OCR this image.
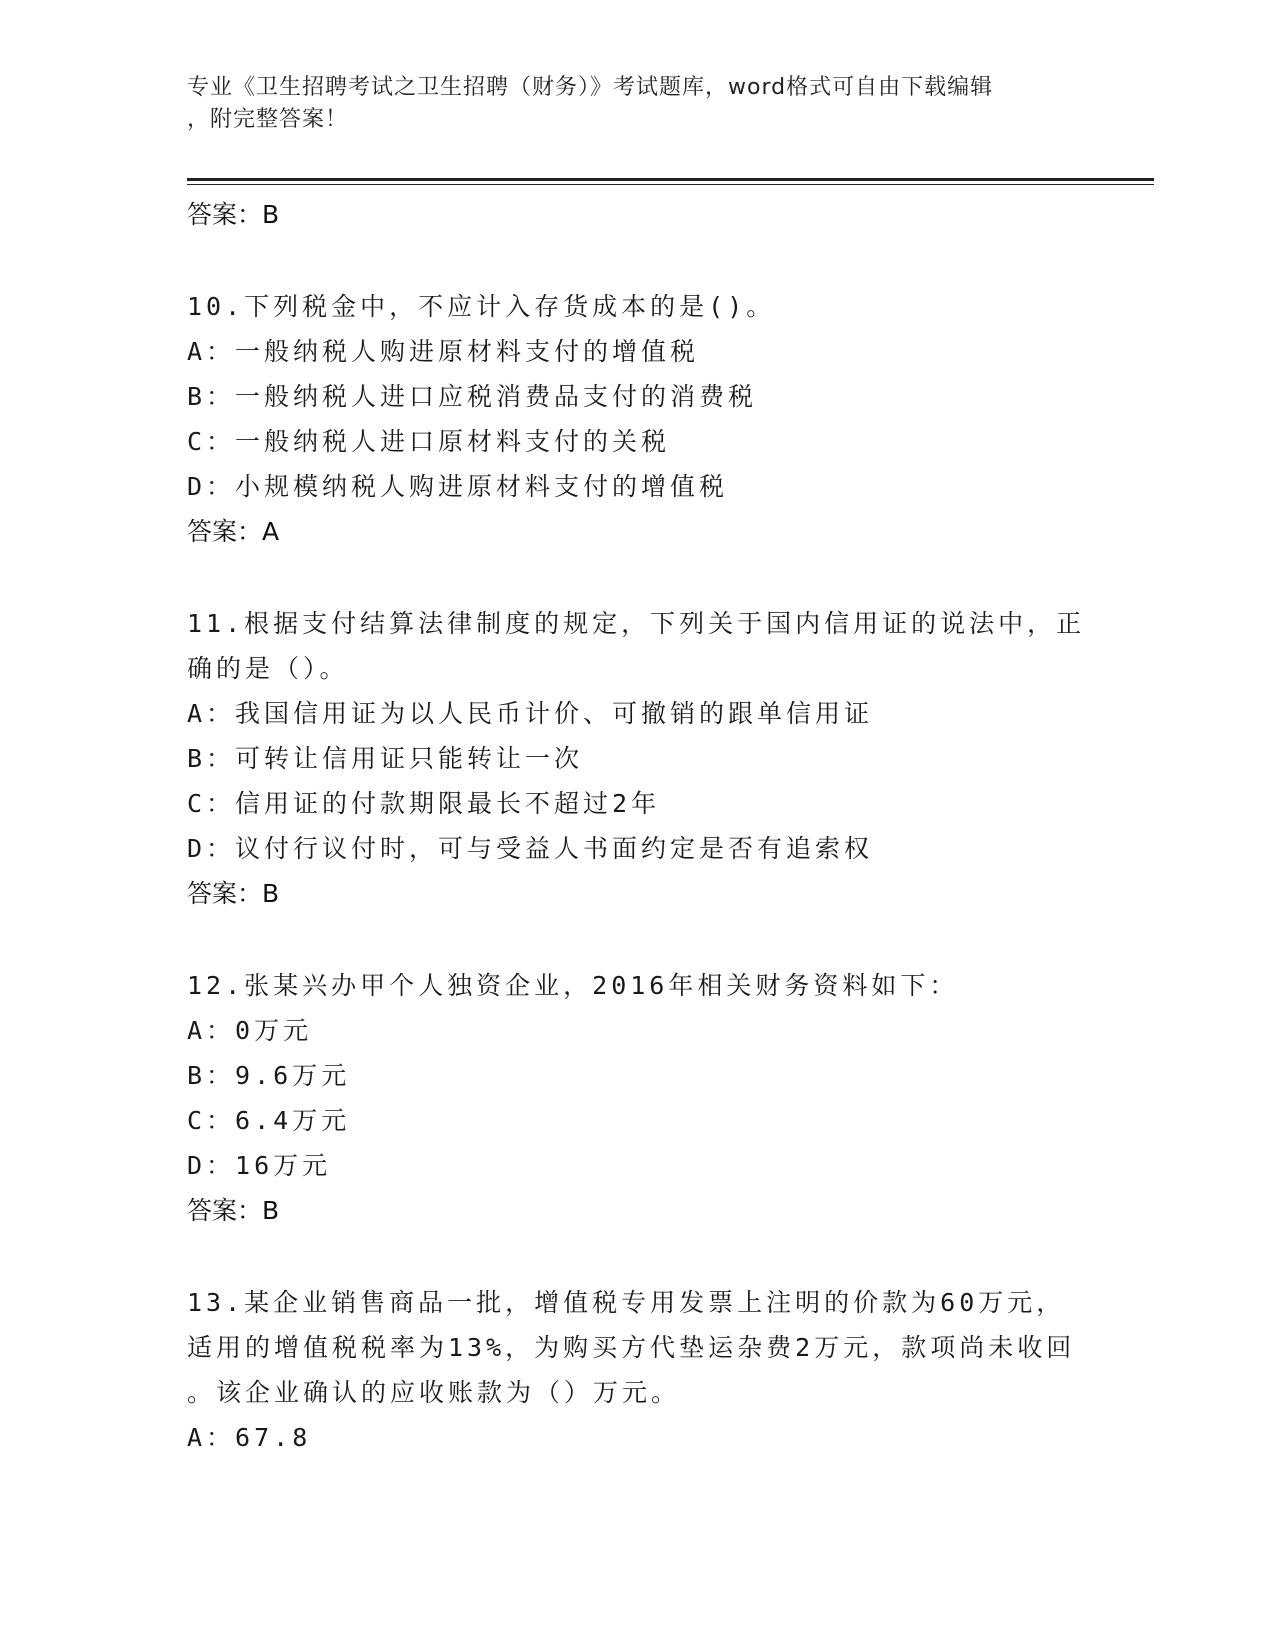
专业《卫生招聘考试之卫生招聘（财务）》考试题库，word格式可自由下载编辑
，附完整答案！

答案：B

10.下列税金中，不应计入存货成本的是()。

A：一般纳税人购进原材料支付的增值税

B：一般纳税人进口应税消费品支付的消费税

C：一般纳税人进口原材料支付的关税

D：小规模纳税人购进原材料支付的增值税

答案：A

11.根据支付结算法律制度的规定，下列关于国内信用证的说法中，正

确的是（）。

A：我国信用证为以人民币计价、可撤销的跟单信用证

B：可转让信用证只能转让一次

C：信用证的付款期限最长不超过2年

D：议付行议付时，可与受益人书面约定是否有追索权

答案：B

12.张某兴办甲个人独资企业，2016年相关财务资料如下：

A：0万元

B：9.6万元

C：6.4万元

D：16万元

答案：B

13.某企业销售商品一批，增值税专用发票上注明的价款为60万元，

适用的增值税税率为13%，为购买方代垫运杂费2万元，款项尚未收回

。该企业确认的应收账款为（）万元。

A：67.8
